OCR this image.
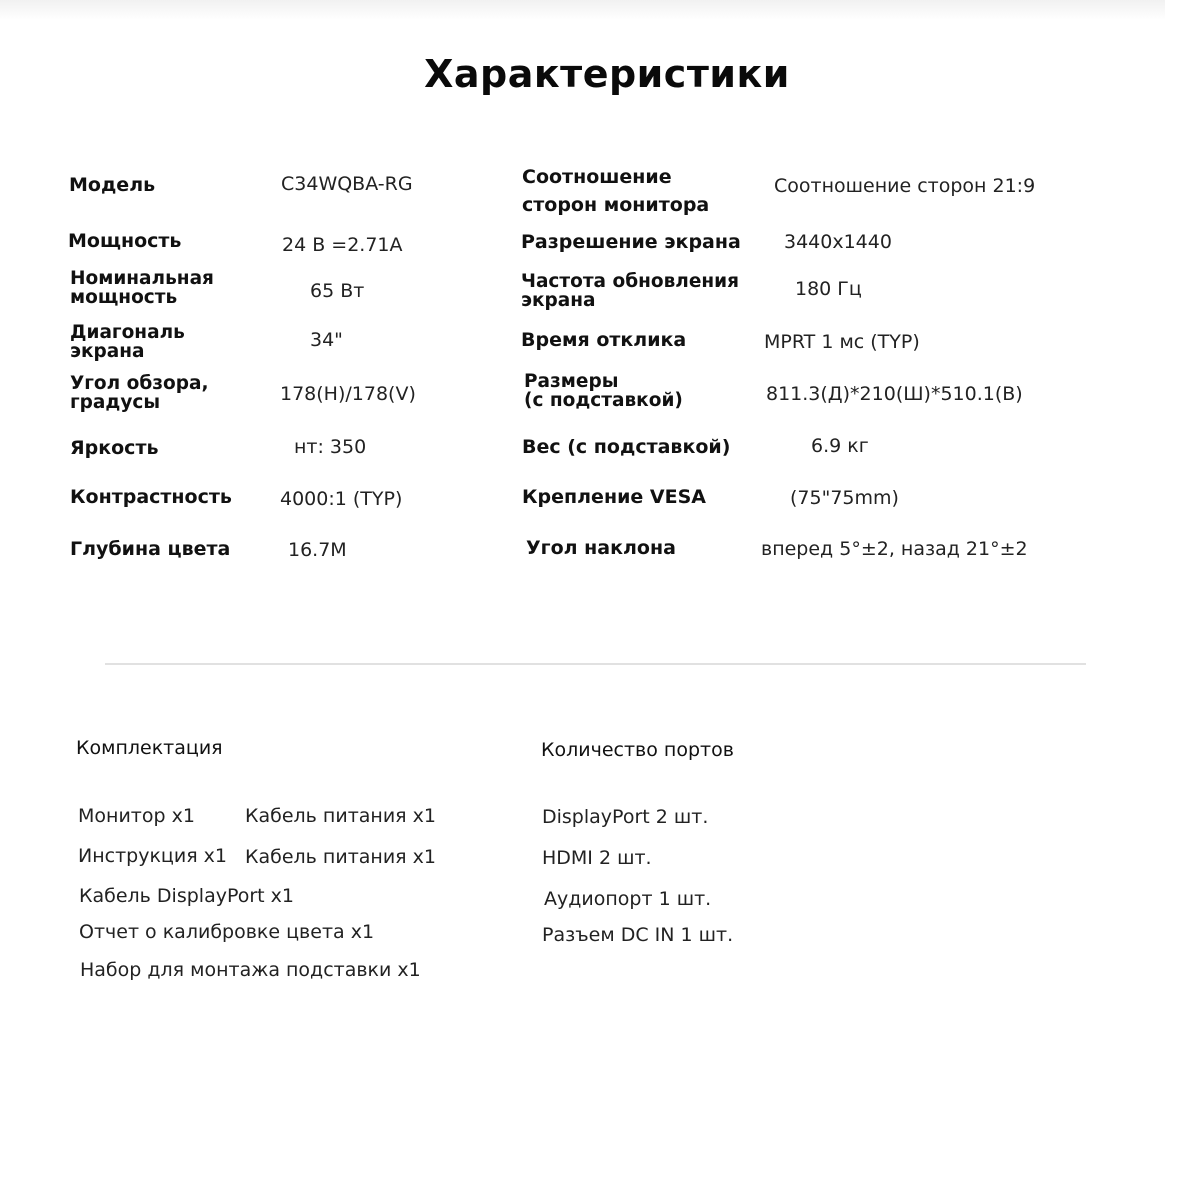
Характеристики
Модель	C34WQBA-RG
Мощность	24 В =2.71A
Номинальная
мощность	65 Вт
Диагональ
экрана	34"
Угол обзора,
градусы	178(H)/178(V)
Яркость	нт: 350
Контрастность	4000:1 (TYP)
Глубина цвета	16.7M
Соотношение
сторон монитора
Соотношение сторон 21:9
Разрешение экрана 3440x1440
Частота обновления
экрана	180 Гц
Время отклика	MPRT 1 мс (TYP)
Размеры
(с подставкой)	811.3(Д)*210(Ш)*510.1(В)
Вес (с подставкой)	6.9 кг
Крепление VESA	(75"75mm)
Угол наклона	вперед 5°±2, назад 21°±2
Комплектация
Монитор x1	Кабель питания x1
Инструкция x1 Кабель питания x1
Кабель DisplayPort x1
Отчет о калибровке цвета x1
Набор для монтажа подставки x1
Количество портов
DisplayPort 2 шт.
HDMI 2 шт.
Аудиопорт 1 шт.
Разъем DC IN 1 шт.
